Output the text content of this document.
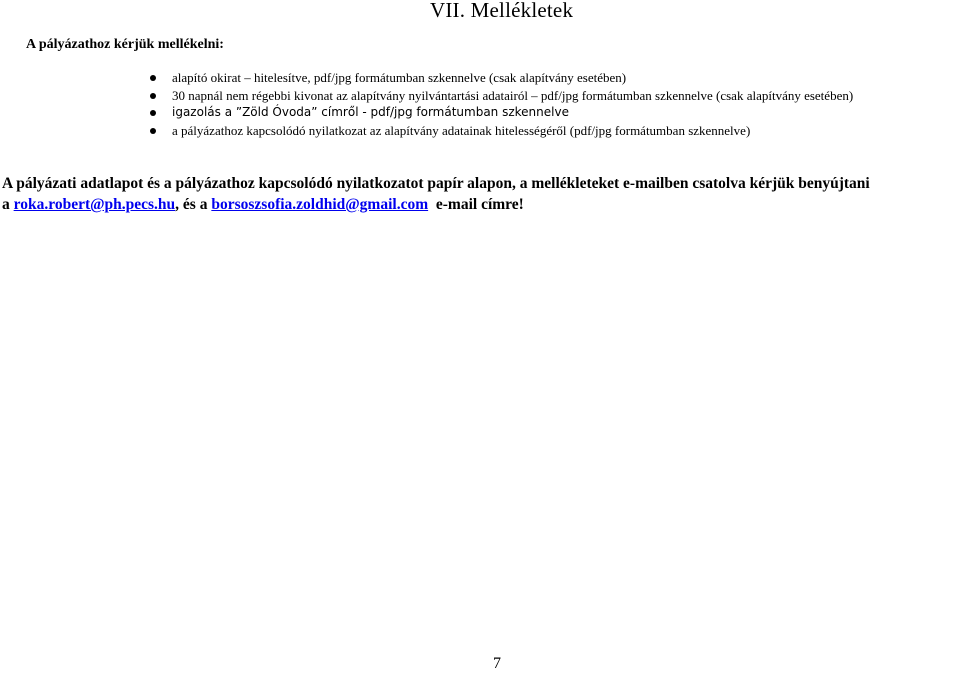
VII. Mellékletek
A pályázathoz kérjük mellékelni:
alapító okirat – hitelesítve, pdf/jpg formátumban szkennelve (csak alapítvány esetében)
30 napnál nem régebbi kivonat az alapítvány nyilvántartási adatairól – pdf/jpg formátumban szkennelve (csak alapítvány esetében)
igazolás a ”Zöld Óvoda” címről - pdf/jpg formátumban szkennelve
a pályázathoz kapcsolódó nyilatkozat az alapítvány adatainak hitelességéről (pdf/jpg formátumban szkennelve)
A pályázati adatlapot és a pályázathoz kapcsolódó nyilatkozatot papír alapon, a mellékleteket e-mailben csatolva kérjük benyújtani
a roka.robert@ph.pecs.hu, és a borsoszsofia.zoldhid@gmail.com  e-mail címre!
7
